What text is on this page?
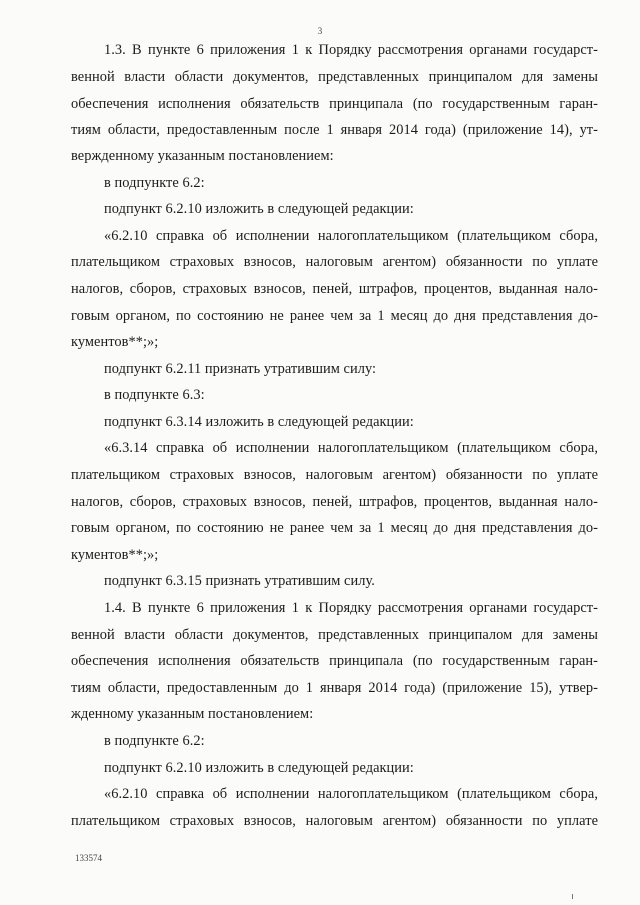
3
1.3. В пункте 6 приложения 1 к Порядку рассмотрения органами государст-
венной власти области документов, представленных принципалом для замены
обеспечения исполнения обязательств принципала (по государственным гаран-
тиям области, предоставленным после 1 января 2014 года) (приложение 14), ут-
вержденному указанным постановлением:
в подпункте 6.2:
подпункт 6.2.10 изложить в следующей редакции:
«6.2.10 справка об исполнении налогоплательщиком (плательщиком сбора,
плательщиком страховых взносов, налоговым агентом) обязанности по уплате
налогов, сборов, страховых взносов, пеней, штрафов, процентов, выданная нало-
говым органом, по состоянию не ранее чем за 1 месяц до дня представления до-
кументов**;»;
подпункт 6.2.11 признать утратившим силу:
в подпункте 6.3:
подпункт 6.3.14 изложить в следующей редакции:
«6.3.14 справка об исполнении налогоплательщиком (плательщиком сбора,
плательщиком страховых взносов, налоговым агентом) обязанности по уплате
налогов, сборов, страховых взносов, пеней, штрафов, процентов, выданная нало-
говым органом, по состоянию не ранее чем за 1 месяц до дня представления до-
кументов**;»;
подпункт 6.3.15 признать утратившим силу.
1.4. В пункте 6 приложения 1 к Порядку рассмотрения органами государст-
венной власти области документов, представленных принципалом для замены
обеспечения исполнения обязательств принципала (по государственным гаран-
тиям области, предоставленным до 1 января 2014 года) (приложение 15), утвер-
жденному указанным постановлением:
в подпункте 6.2:
подпункт 6.2.10 изложить в следующей редакции:
«6.2.10 справка об исполнении налогоплательщиком (плательщиком сбора,
плательщиком страховых взносов, налоговым агентом) обязанности по уплате
133574
